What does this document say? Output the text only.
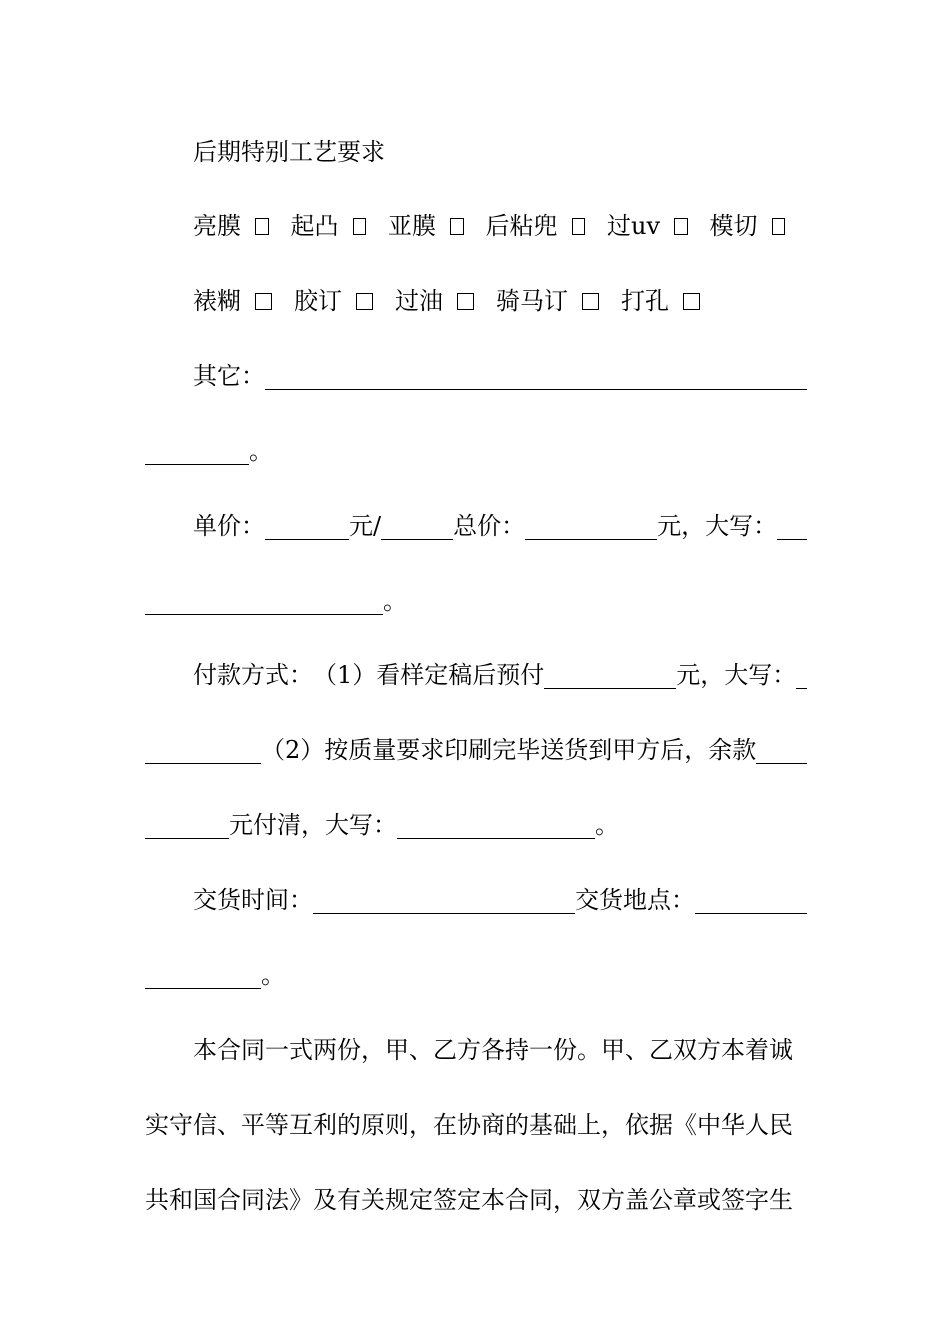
后期特别工艺要求
亮膜 起凸 亚膜 后粘兜 过uv 模切
裱糊 胶订 过油 骑马订 打孔
其它：
。
单价：	元/	总价：	元，大写：
。
付款方式： （1）看样定稿后预付	元，大写：
（2）按质量要求印刷完毕送货到甲方后，余款
元付清，大写：	。
交货时间：	交货地点：
。
本合同一式两份，甲、乙方各持一份。甲、乙双方本着诚
实守信、平等互利的原则，在协商的基础上，依据《中华人民
共和国合同法》及有关规定签定本合同，双方盖公章或签字生
